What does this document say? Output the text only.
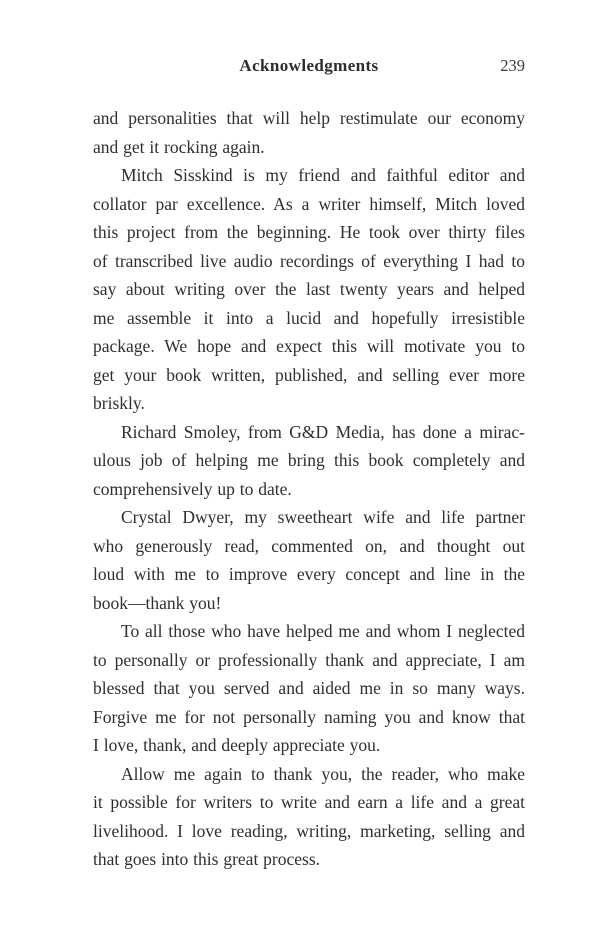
Acknowledgments	239
and personalities that will help restimulate our economy
and get it rocking again.
Mitch Sisskind is my friend and faithful editor and
collator par excellence. As a writer himself, Mitch loved
this project from the beginning. He took over thirty files
of transcribed live audio recordings of everything I had to
say about writing over the last twenty years and helped
me assemble it into a lucid and hopefully irresistible
package. We hope and expect this will motivate you to
get your book written, published, and selling ever more
briskly.
Richard Smoley, from G&D Media, has done a mirac-
ulous job of helping me bring this book completely and
comprehensively up to date.
Crystal Dwyer, my sweetheart wife and life partner
who generously read, commented on, and thought out
loud with me to improve every concept and line in the
book—thank you!
To all those who have helped me and whom I neglected
to personally or professionally thank and appreciate, I am
blessed that you served and aided me in so many ways.
Forgive me for not personally naming you and know that
I love, thank, and deeply appreciate you.
Allow me again to thank you, the reader, who make
it possible for writers to write and earn a life and a great
livelihood. I love reading, writing, marketing, selling and
that goes into this great process.
